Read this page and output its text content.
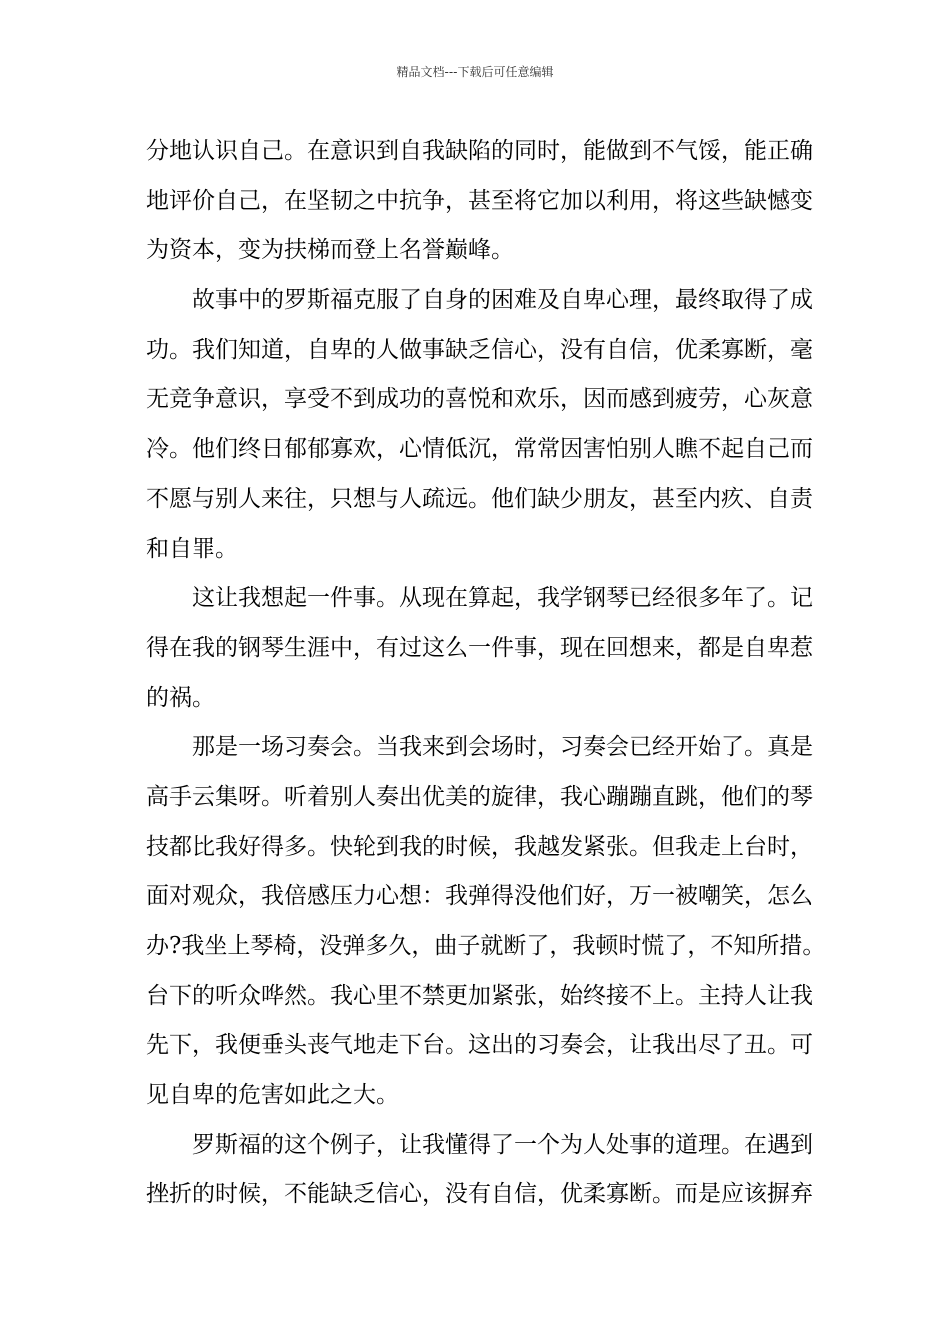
精品文档---下载后可任意编辑
分地认识自己。在意识到自我缺陷的同时，能做到不气馁，能正确
地评价自己，在坚韧之中抗争，甚至将它加以利用，将这些缺憾变
为资本，变为扶梯而登上名誉巅峰。
故事中的罗斯福克服了自身的困难及自卑心理，最终取得了成
功。我们知道，自卑的人做事缺乏信心，没有自信，优柔寡断，毫
无竞争意识，享受不到成功的喜悦和欢乐，因而感到疲劳，心灰意
冷。他们终日郁郁寡欢，心情低沉，常常因害怕别人瞧不起自己而
不愿与别人来往，只想与人疏远。他们缺少朋友，甚至内疚、自责
和自罪。
这让我想起一件事。从现在算起，我学钢琴已经很多年了。记
得在我的钢琴生涯中，有过这么一件事，现在回想来，都是自卑惹
的祸。
那是一场习奏会。当我来到会场时，习奏会已经开始了。真是
高手云集呀。听着别人奏出优美的旋律，我心蹦蹦直跳，他们的琴
技都比我好得多。快轮到我的时候，我越发紧张。但我走上台时，
面对观众，我倍感压力心想：我弹得没他们好，万一被嘲笑，怎么
办?我坐上琴椅，没弹多久，曲子就断了，我顿时慌了，不知所措。
台下的听众哗然。我心里不禁更加紧张，始终接不上。主持人让我
先下，我便垂头丧气地走下台。这出的习奏会，让我出尽了丑。可
见自卑的危害如此之大。
罗斯福的这个例子，让我懂得了一个为人处事的道理。在遇到
挫折的时候，不能缺乏信心，没有自信，优柔寡断。而是应该摒弃
